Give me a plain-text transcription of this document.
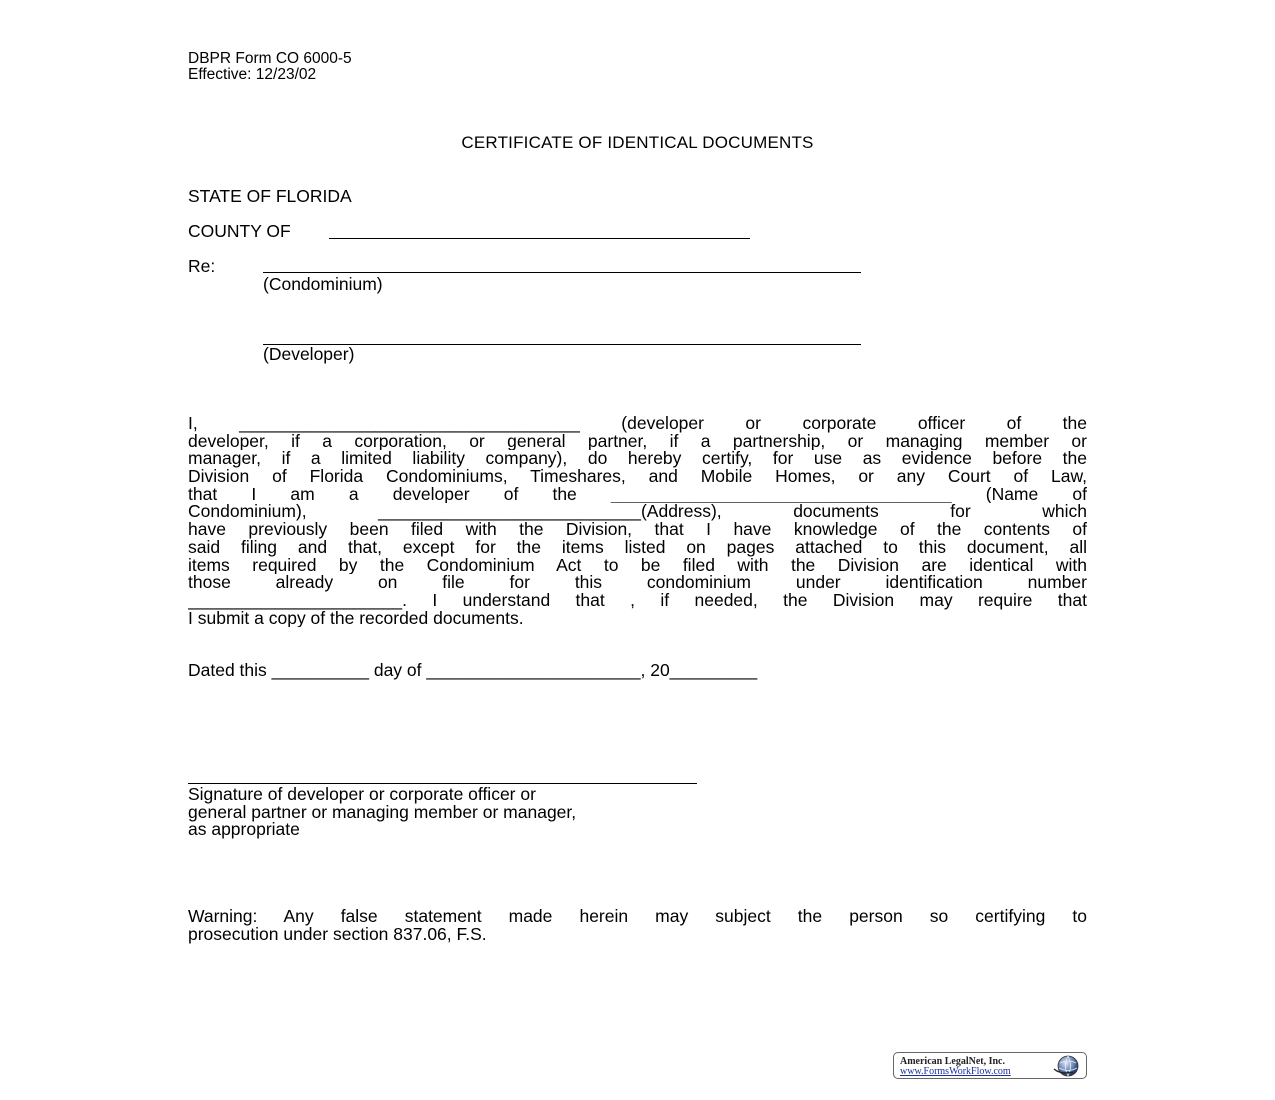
DBPR Form CO 6000-5
Effective: 12/23/02
CERTIFICATE OF IDENTICAL DOCUMENTS
STATE OF FLORIDA
COUNTY OF
Re:
(Condominium)
(Developer)
I, ___________________________________ (developer or corporate officer of the
developer, if a corporation, or general partner, if a partnership, or managing member or
manager, if a limited liability company), do hereby certify, for use as evidence before the
Division of Florida Condominiums, Timeshares, and Mobile Homes, or any Court of Law,
that I am a developer of the ___________________________________ (Name of
Condominium), ___________________________(Address), documents for which
have previously been filed with the Division, that I have knowledge of the contents of
said filing and that, except for the items listed on pages attached to this document, all
items required by the Condominium Act to be filed with the Division are identical with
those already on file for this condominium under identification number
______________________. I understand that , if needed, the Division may require that
I submit a copy of the recorded documents.
Dated this __________ day of ______________________, 20_________
Signature of developer or corporate officer or
general partner or managing member or manager,
as appropriate
Warning: Any false statement made herein may subject the person so certifying to
prosecution under section 837.06, F.S.
American LegalNet, Inc.
www.FormsWorkFlow.com
